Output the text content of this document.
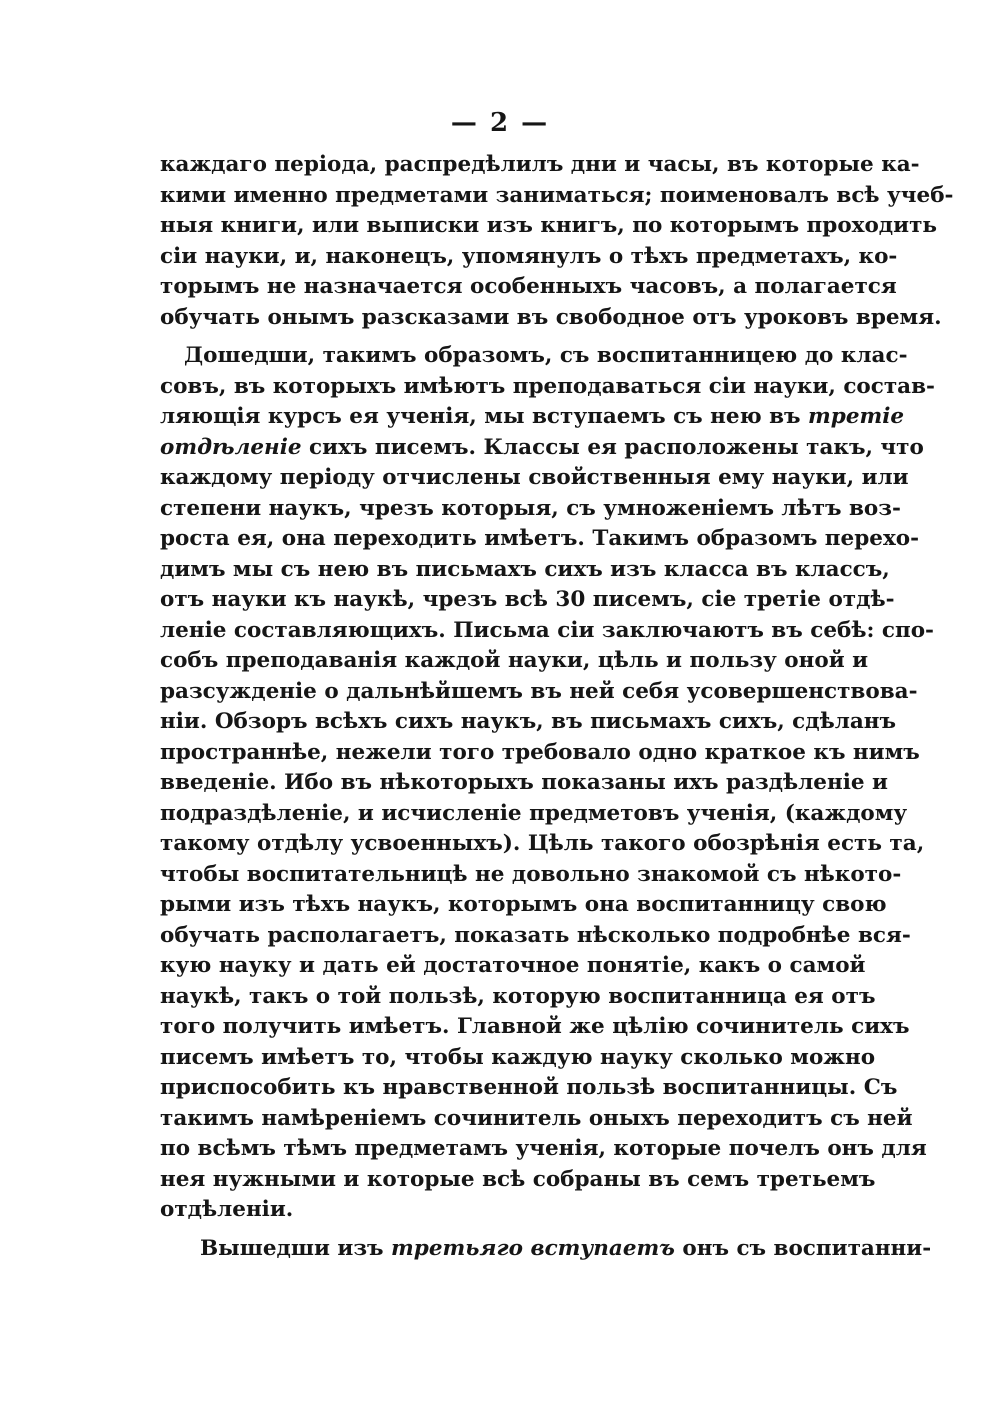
— 2 —
каждаго періода, распредѣлилъ дни и часы, въ которые ка-
кими именно предметами заниматься; поименовалъ всѣ учеб-
ныя книги, или выписки изъ книгъ, по которымъ проходить
сіи науки, и, наконецъ, упомянулъ о тѣхъ предметахъ, ко-
торымъ не назначается особенныхъ часовъ, а полагается
обучать онымъ разсказами въ свободное отъ уроковъ время.
Дошедши, такимъ образомъ, съ воспитанницею до клас-
совъ, въ которыхъ имѣютъ преподаваться сіи науки, состав-
ляющія курсъ ея ученія, мы вступаемъ съ нею въ третіе
отдѣленіе сихъ писемъ. Классы ея расположены такъ, что
каждому періоду отчислены свойственныя ему науки, или
степени наукъ, чрезъ которыя, съ умноженіемъ лѣтъ воз-
роста ея, она переходить имѣетъ. Такимъ образомъ перехо-
димъ мы съ нею въ письмахъ сихъ изъ класса въ классъ,
отъ науки къ наукѣ, чрезъ всѣ 30 писемъ, сіе третіе отдѣ-
леніе составляющихъ. Письма сіи заключаютъ въ себѣ: спо-
собъ преподаванія каждой науки, цѣль и пользу оной и
разсужденіе о дальнѣйшемъ въ ней себя усовершенствова-
ніи. Обзоръ всѣхъ сихъ наукъ, въ письмахъ сихъ, сдѣланъ
пространнѣе, нежели того требовало одно краткое къ нимъ
введеніе. Ибо въ нѣкоторыхъ показаны ихъ раздѣленіе и
подраздѣленіе, и исчисленіе предметовъ ученія, (каждому
такому отдѣлу усвоенныхъ). Цѣль такого обозрѣнія есть та,
чтобы воспитательницѣ не довольно знакомой съ нѣкото-
рыми изъ тѣхъ наукъ, которымъ она воспитанницу свою
обучать располагаетъ, показать нѣсколько подробнѣе вся-
кую науку и дать ей достаточное понятіе, какъ о самой
наукѣ, такъ о той пользѣ, которую воспитанница ея отъ
того получить имѣетъ. Главной же цѣлію сочинитель сихъ
писемъ имѣетъ то, чтобы каждую науку сколько можно
приспособить къ нравственной пользѣ воспитанницы. Съ
такимъ намѣреніемъ сочинитель оныхъ переходитъ съ ней
по всѣмъ тѣмъ предметамъ ученія, которые почелъ онъ для
нея нужными и которые всѣ собраны въ семъ третьемъ
отдѣленіи.
Вышедши изъ третьяго вступаетъ онъ съ воспитанни-
